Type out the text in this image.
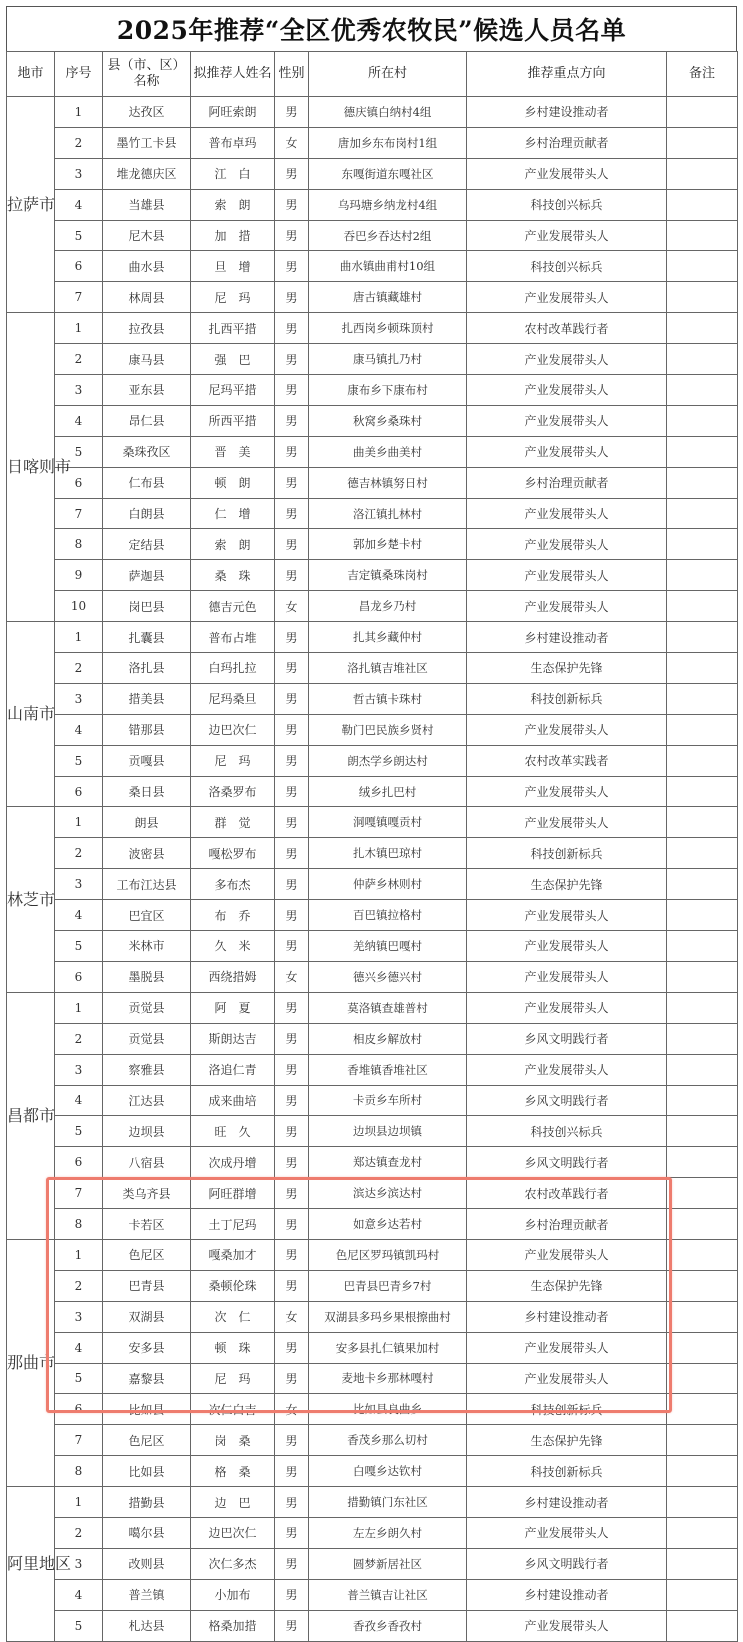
2025年推荐“全区优秀农牧民”候选人员名单
地市	序号	县（市、区）名称	拟推荐人姓名	性别	所在村	推荐重点方向	备注
拉萨市	1	达孜区	阿旺索朗	男	德庆镇白纳村4组	乡村建设推动者	
	2	墨竹工卡县	普布卓玛	女	唐加乡东布岗村1组	乡村治理贡献者	
	3	堆龙德庆区	江　白	男	东嘎街道东嘎社区	产业发展带头人	
	4	当雄县	索　朗	男	乌玛塘乡纳龙村4组	科技创兴标兵	
	5	尼木县	加　措	男	吞巴乡吞达村2组	产业发展带头人	
	6	曲水县	旦　增	男	曲水镇曲甫村10组	科技创兴标兵	
	7	林周县	尼　玛	男	唐古镇藏雄村	产业发展带头人	
日喀则市	1	拉孜县	扎西平措	男	扎西岗乡顿珠顶村	农村改革践行者	
	2	康马县	强　巴	男	康马镇扎乃村	产业发展带头人	
	3	亚东县	尼玛平措	男	康布乡下康布村	产业发展带头人	
	4	昂仁县	所西平措	男	秋窝乡桑珠村	产业发展带头人	
	5	桑珠孜区	晋　美	男	曲美乡曲美村	产业发展带头人	
	6	仁布县	顿　朗	男	德吉林镇努日村	乡村治理贡献者	
	7	白朗县	仁　增	男	洛江镇扎林村	产业发展带头人	
	8	定结县	索　朗	男	郭加乡楚卡村	产业发展带头人	
	9	萨迦县	桑　珠	男	吉定镇桑珠岗村	产业发展带头人	
	10	岗巴县	德吉元色	女	昌龙乡乃村	产业发展带头人	
山南市	1	扎囊县	普布占堆	男	扎其乡藏仲村	乡村建设推动者	
	2	洛扎县	白玛扎拉	男	洛扎镇吉堆社区	生态保护先锋	
	3	措美县	尼玛桑旦	男	哲古镇卡珠村	科技创新标兵	
	4	错那县	边巴次仁	男	勒门巴民族乡贤村	产业发展带头人	
	5	贡嘎县	尼　玛	男	朗杰学乡朗达村	农村改革实践者	
	6	桑日县	洛桑罗布	男	绒乡扎巴村	产业发展带头人	
林芝市	1	朗县	群　觉	男	洞嘎镇嘎贡村	产业发展带头人	
	2	波密县	嘎松罗布	男	扎木镇巴琼村	科技创新标兵	
	3	工布江达县	多布杰	男	仲萨乡林则村	生态保护先锋	
	4	巴宜区	布　乔	男	百巴镇拉格村	产业发展带头人	
	5	米林市	久　米	男	羌纳镇巴嘎村	产业发展带头人	
	6	墨脱县	西绕措姆	女	德兴乡德兴村	产业发展带头人	
昌都市	1	贡觉县	阿　夏	男	莫洛镇查雄普村	产业发展带头人	
	2	贡觉县	斯朗达吉	男	相皮乡解放村	乡风文明践行者	
	3	察雅县	洛追仁青	男	香堆镇香堆社区	产业发展带头人	
	4	江达县	成来曲培	男	卡贡乡车所村	乡风文明践行者	
	5	边坝县	旺　久	男	边坝县边坝镇	科技创兴标兵	
	6	八宿县	次成丹增	男	郑达镇查龙村	乡风文明践行者	
	7	类乌齐县	阿旺群增	男	滨达乡滨达村	农村改革践行者	
	8	卡若区	土丁尼玛	男	如意乡达若村	乡村治理贡献者	
那曲市	1	色尼区	嘎桑加才	男	色尼区罗玛镇凯玛村	产业发展带头人	
	2	巴青县	桑顿伦珠	男	巴青县巴青乡7村	生态保护先锋	
	3	双湖县	次　仁	女	双湖县多玛乡果根擦曲村	乡村建设推动者	
	4	安多县	顿　珠	男	安多县扎仁镇果加村	产业发展带头人	
	5	嘉黎县	尼　玛	男	麦地卡乡那林嘎村	产业发展带头人	
	6	比如县	次仁白吉	女	比如县良曲乡	科技创新标兵	
	7	色尼区	岗　桑	男	香茂乡那么切村	生态保护先锋	
	8	比如县	格　桑	男	白嘎乡达钦村	科技创新标兵	
阿里地区	1	措勤县	边　巴	男	措勤镇门东社区	乡村建设推动者	
	2	噶尔县	边巴次仁	男	左左乡朗久村	产业发展带头人	
	3	改则县	次仁多杰	男	圆梦新居社区	乡风文明践行者	
	4	普兰镇	小加布	男	普兰镇吉让社区	乡村建设推动者	
	5	札达县	格桑加措	男	香孜乡香孜村	产业发展带头人	
